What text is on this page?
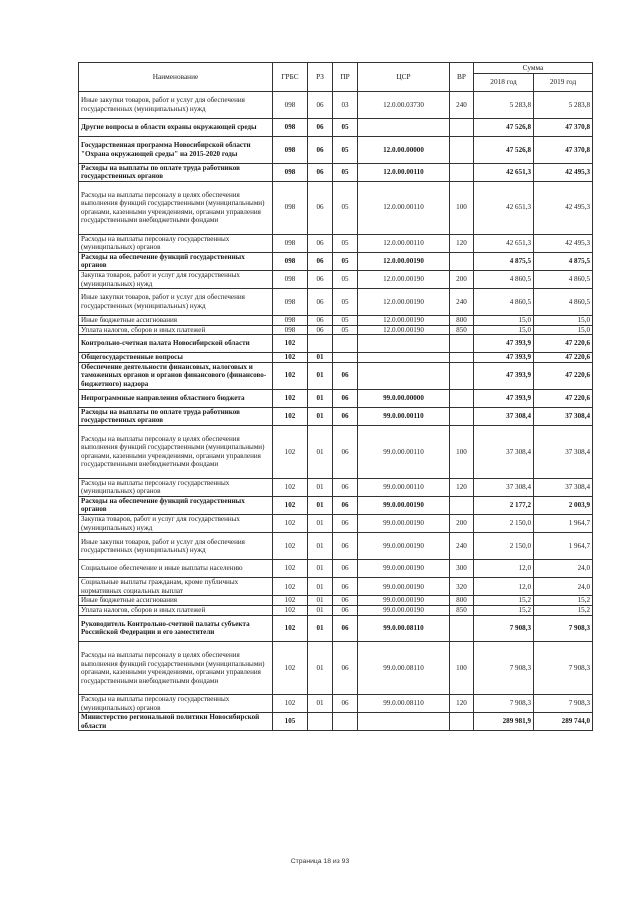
Наименование	ГРБС	РЗ	ПР	ЦСР	ВР	Сумма	
						2018 год	2019 год
Иные закупки товаров, работ и услуг для обеспечения государственных (муниципальных) нужд	098	06	03	12.0.00.03730	240	5 283,8	5 283,8
Другие вопросы в области охраны окружающей среды	098	06	05			47 526,8	47 370,8
Государственная программа Новосибирской области "Охрана окружающей среды" на 2015-2020 годы	098	06	05	12.0.00.00000		47 526,8	47 370,8
Расходы на выплаты по оплате труда работников государственных органов	098	06	05	12.0.00.00110		42 651,3	42 495,3
Расходы на выплаты персоналу в целях обеспечения выполнения функций государственными (муниципальными) органами, казенными учреждениями, органами управления государственными внебюджетными фондами	098	06	05	12.0.00.00110	100	42 651,3	42 495,3
Расходы на выплаты персоналу государственных (муниципальных) органов	098	06	05	12.0.00.00110	120	42 651,3	42 495,3
Расходы на обеспечение функций государственных органов	098	06	05	12.0.00.00190		4 875,5	4 875,5
Закупка товаров, работ и услуг для государственных (муниципальных) нужд	098	06	05	12.0.00.00190	200	4 860,5	4 860,5
Иные закупки товаров, работ и услуг для обеспечения государственных (муниципальных) нужд	098	06	05	12.0.00.00190	240	4 860,5	4 860,5
Иные бюджетные ассигнования	098	06	05	12.0.00.00190	800	15,0	15,0
Уплата налогов, сборов и иных платежей	098	06	05	12.0.00.00190	850	15,0	15,0
Контрольно-счетная палата Новосибирской области	102					47 393,9	47 220,6
Общегосударственные вопросы	102	01				47 393,9	47 220,6
Обеспечение деятельности финансовых, налоговых и таможенных органов и органов финансового (финансово-бюджетного) надзора	102	01	06			47 393,9	47 220,6
Непрограммные направления областного бюджета	102	01	06	99.0.00.00000		47 393,9	47 220,6
Расходы на выплаты по оплате труда работников государственных органов	102	01	06	99.0.00.00110		37 308,4	37 308,4
Расходы на выплаты персоналу в целях обеспечения выполнения функций государственными (муниципальными) органами, казенными учреждениями, органами управления государственными внебюджетными фондами	102	01	06	99.0.00.00110	100	37 308,4	37 308,4
Расходы на выплаты персоналу государственных (муниципальных) органов	102	01	06	99.0.00.00110	120	37 308,4	37 308,4
Расходы на обеспечение функций государственных органов	102	01	06	99.0.00.00190		2 177,2	2 003,9
Закупка товаров, работ и услуг для государственных (муниципальных) нужд	102	01	06	99.0.00.00190	200	2 150,0	1 964,7
Иные закупки товаров, работ и услуг для обеспечения государственных (муниципальных) нужд	102	01	06	99.0.00.00190	240	2 150,0	1 964,7
Социальное обеспечение и иные выплаты населению	102	01	06	99.0.00.00190	300	12,0	24,0
Социальные выплаты гражданам, кроме публичных нормативных социальных выплат	102	01	06	99.0.00.00190	320	12,0	24,0
Иные бюджетные ассигнования	102	01	06	99.0.00.00190	800	15,2	15,2
Уплата налогов, сборов и иных платежей	102	01	06	99.0.00.00190	850	15,2	15,2
Руководитель Контрольно-счетной палаты субъекта Российской Федерации и его заместители	102	01	06	99.0.00.08110		7 908,3	7 908,3
Расходы на выплаты персоналу в целях обеспечения выполнения функций государственными (муниципальными) органами, казенными учреждениями, органами управления государственными внебюджетными фондами	102	01	06	99.0.00.08110	100	7 908,3	7 908,3
Расходы на выплаты персоналу государственных (муниципальных) органов	102	01	06	99.0.00.08110	120	7 908,3	7 908,3
Министерство региональной политики Новосибирской области	105					289 981,9	289 744,0
Страница 18 из 93
